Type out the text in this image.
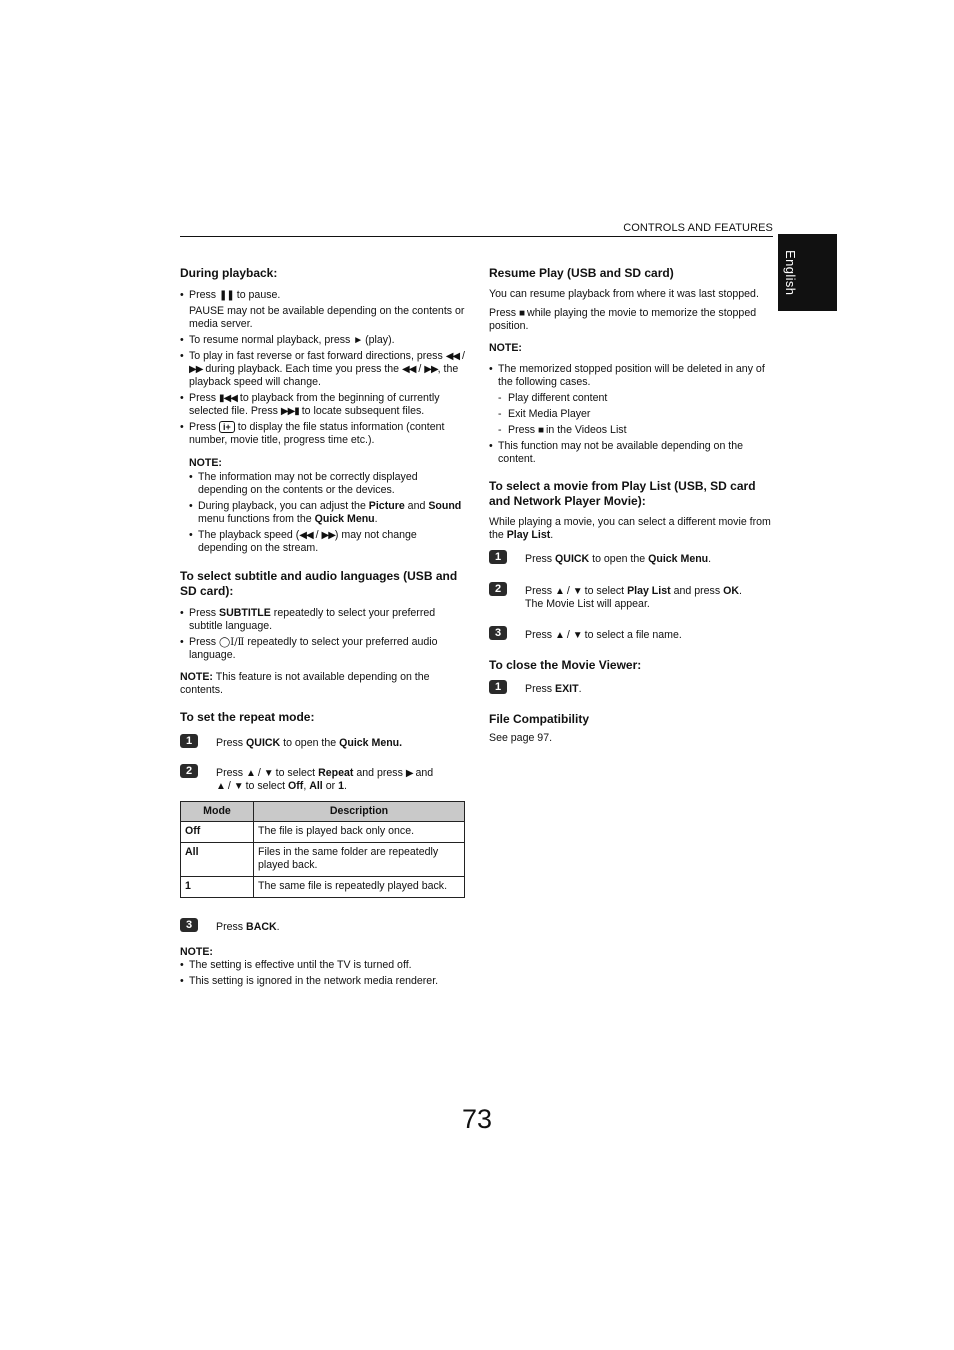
CONTROLS AND FEATURES
English
During playback:
• Press ❚❚ to pause.
PAUSE may not be available depending on the contents or media server.
• To resume normal playback, press ► (play).
• To play in fast reverse or fast forward directions, press ◀◀ / ▶▶ during playback. Each time you press the ◀◀ / ▶▶, the playback speed will change.
• Press ▮◀◀ to playback from the beginning of currently selected file. Press ▶▶▮ to locate subsequent files.
• Press i+ to display the file status information (content number, movie title, progress time etc.).
NOTE:
• The information may not be correctly displayed depending on the contents or the devices.
• During playback, you can adjust the Picture and Sound menu functions from the Quick Menu.
• The playback speed (◀◀ / ▶▶) may not change depending on the stream.
To select subtitle and audio languages (USB and SD card):
• Press SUBTITLE repeatedly to select your preferred subtitle language.
• Press ◯Ⅰ/Ⅱ repeatedly to select your preferred audio language.

NOTE: This feature is not available depending on the contents.

To set the repeat mode:
1	Press QUICK to open the Quick Menu.
2	Press ▲ / ▼ to select Repeat and press ▶ and
▲ / ▼ to select Off, All or 1.
Mode	Description
Off	The file is played back only once.
All	Files in the same folder are repeatedly played back.
1	The same file is repeatedly played back.
3	Press BACK.
NOTE:
• The setting is effective until the TV is turned off.
• This setting is ignored in the network media renderer.
Resume Play (USB and SD card)

You can resume playback from where it was last stopped.

Press ■ while playing the movie to memorize the stopped position.

NOTE:
• The memorized stopped position will be deleted in any of the following cases.
- Play different content
- Exit Media Player
- Press ■ in the Videos List
• This function may not be available depending on the content.
To select a movie from Play List (USB, SD card and Network Player Movie):

While playing a movie, you can select a different movie from the Play List.

1	Press QUICK to open the Quick Menu.
2	Press ▲ / ▼ to select Play List and press OK.
The Movie List will appear.
3	Press ▲ / ▼ to select a file name.
To close the Movie Viewer:
1	Press EXIT.
File Compatibility

See page 97.

73
